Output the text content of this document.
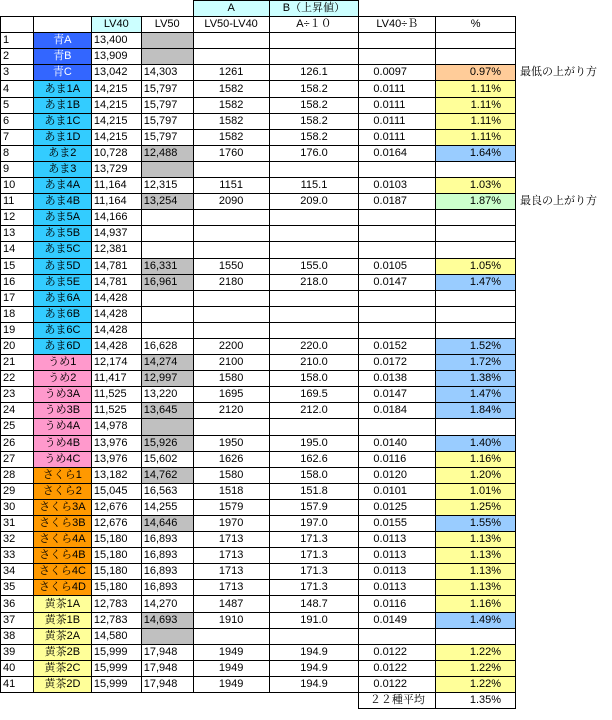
				A	B（上昇値）			
		LV40	LV50	LV50-LV40	A÷１０	LV40÷Ｂ	%	
1	青A	13,400						
2	青B	13,909						
3	青C	13,042	14,303	1261	126.1	0.0097	0.97%	最低の上がり方
4	あま1A	14,215	15,797	1582	158.2	0.0111	1.11%	
5	あま1B	14,215	15,797	1582	158.2	0.0111	1.11%	
6	あま1C	14,215	15,797	1582	158.2	0.0111	1.11%	
7	あま1D	14,215	15,797	1582	158.2	0.0111	1.11%	
8	あま2	10,728	12,488	1760	176.0	0.0164	1.64%	
9	あま3	13,729						
10	あま4A	11,164	12,315	1151	115.1	0.0103	1.03%	
11	あま4B	11,164	13,254	2090	209.0	0.0187	1.87%	最良の上がり方
12	あま5A	14,166						
13	あま5B	14,937						
14	あま5C	12,381						
15	あま5D	14,781	16,331	1550	155.0	0.0105	1.05%	
16	あま5E	14,781	16,961	2180	218.0	0.0147	1.47%	
17	あま6A	14,428						
18	あま6B	14,428						
19	あま6C	14,428						
20	あま6D	14,428	16,628	2200	220.0	0.0152	1.52%	
21	うめ1	12,174	14,274	2100	210.0	0.0172	1.72%	
22	うめ2	11,417	12,997	1580	158.0	0.0138	1.38%	
23	うめ3A	11,525	13,220	1695	169.5	0.0147	1.47%	
24	うめ3B	11,525	13,645	2120	212.0	0.0184	1.84%	
25	うめ4A	14,978						
26	うめ4B	13,976	15,926	1950	195.0	0.0140	1.40%	
27	うめ4C	13,976	15,602	1626	162.6	0.0116	1.16%	
28	さくら1	13,182	14,762	1580	158.0	0.0120	1.20%	
29	さくら2	15,045	16,563	1518	151.8	0.0101	1.01%	
30	さくら3A	12,676	14,255	1579	157.9	0.0125	1.25%	
31	さくら3B	12,676	14,646	1970	197.0	0.0155	1.55%	
32	さくら4A	15,180	16,893	1713	171.3	0.0113	1.13%	
33	さくら4B	15,180	16,893	1713	171.3	0.0113	1.13%	
34	さくら4C	15,180	16,893	1713	171.3	0.0113	1.13%	
35	さくら4D	15,180	16,893	1713	171.3	0.0113	1.13%	
36	黄茶1A	12,783	14,270	1487	148.7	0.0116	1.16%	
37	黄茶1B	12,783	14,693	1910	191.0	0.0149	1.49%	
38	黄茶2A	14,580						
39	黄茶2B	15,999	17,948	1949	194.9	0.0122	1.22%	
40	黄茶2C	15,999	17,948	1949	194.9	0.0122	1.22%	
41	黄茶2D	15,999	17,948	1949	194.9	0.0122	1.22%	
						２２種平均	1.35%	
